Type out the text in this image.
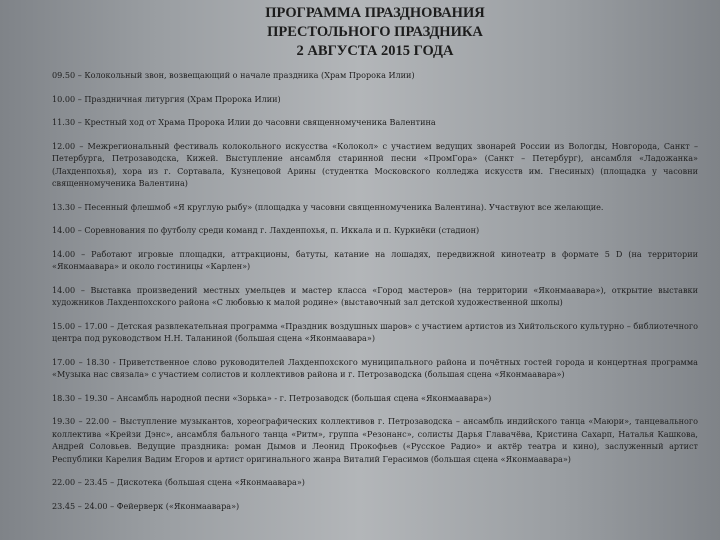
ПРОГРАММА ПРАЗДНОВАНИЯ
ПРЕСТОЛЬНОГО ПРАЗДНИКА
2 АВГУСТА 2015 ГОДА

09.50 – Колокольный звон, возвещающий о начале праздника (Храм Пророка Илии)

10.00 – Праздничная литургия (Храм Пророка Илии)

11.30 – Крестный ход от Храма Пророка Илии до часовни священномученика Валентина

12.00 – Межрегиональный фестиваль колокольного искусства «Колокол» с участием ведущих звонарей России из Вологды, Новгорода, Санкт – Петербурга, Петрозаводска, Кижей. Выступление ансамбля старинной песни «ПромГора» (Санкт – Петербург), ансамбля «Ладожанка» (Лахденпохья), хора из г. Сортавала, Кузнецовой Арины (студентка Московского колледжа искусств им. Гнесиных) (площадка у часовни священномученика Валентина)

13.30 – Песенный флешмоб «Я круглую рыбу» (площадка у часовни священномученика Валентина). Участвуют все желающие.

14.00 – Соревнования по футболу среди команд г. Лахденпохья, п. Иккала и п. Куркиёки (стадион)

14.00 – Работают игровые площадки, аттракционы, батуты, катание на лошадях, передвижной кинотеатр в формате 5 D (на территории «Яконмаавара» и около гостиницы «Карлен»)

14.00 – Выставка произведений местных умельцев и мастер класса «Город мастеров» (на территории «Яконмаавара»), открытие выставки художников Лахденпохского района «С любовью к малой родине» (выставочный зал детской художественной школы)

15.00 – 17.00 – Детская развлекательная программа «Праздник воздушных шаров» с участием артистов из Хийтольского культурно – библиотечного центра под руководством Н.Н. Таланиной (большая сцена «Яконмаавара»)

17.00 – 18.30 - Приветственное слово руководителей Лахденпохского муниципального района и почётных гостей города и концертная программа «Музыка нас связала» с участием солистов и коллективов района и г. Петрозаводска (большая сцена «Яконмаавара»)

18.30 – 19.30 – Ансамбль народной песни «Зорька» - г. Петрозаводск (большая сцена «Яконмаавара»)

19.30 – 22.00 – Выступление музыкантов, хореографических коллективов г. Петрозаводска – ансамбль индийского танца «Маюри», танцевального коллектива «Крейзи Дэнс», ансамбля бального танца «Ритм», группа «Резонанс», солисты Дарья Главачёва, Кристина Сахарп, Наталья Кашкова, Андрей Соловьев. Ведущие праздника: роман Дымов и Леонид Прокофьев («Русское Радио» и актёр театра и кино), заслуженный артист Республики Карелия Вадим Егоров и артист оригинального жанра Виталий Герасимов (большая сцена «Яконмаавара»)

22.00 – 23.45 – Дискотека (большая сцена «Яконмаавара»)

23.45 – 24.00 – Фейерверк («Яконмаавара»)
